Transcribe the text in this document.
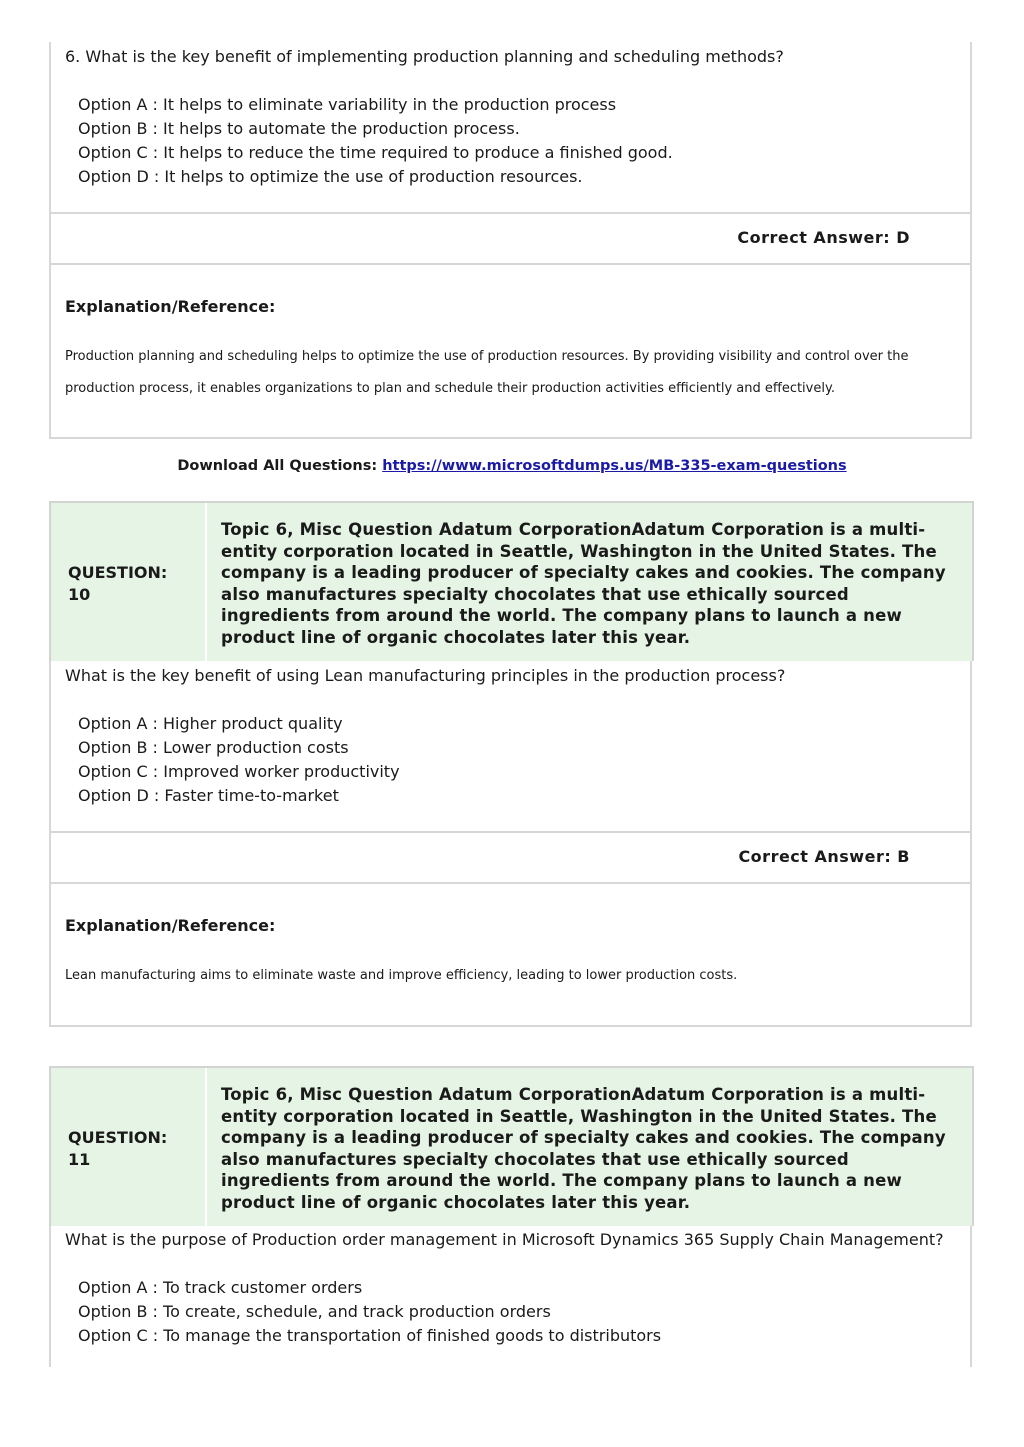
6. What is the key benefit of implementing production planning and scheduling methods?

Option A : It helps to eliminate variability in the production process
Option B : It helps to automate the production process.
Option C : It helps to reduce the time required to produce a finished good.
Option D : It helps to optimize the use of production resources.
Correct Answer: D
Explanation/Reference:

Production planning and scheduling helps to optimize the use of production resources. By providing visibility and control over the production process, it enables organizations to plan and schedule their production activities efficiently and effectively.

Download All Questions: https://www.microsoftdumps.us/MB-335-exam-questions
QUESTION:
10
Topic 6, Misc Question Adatum CorporationAdatum Corporation is a multi-entity corporation located in Seattle, Washington in the United States. The company is a leading producer of specialty cakes and cookies. The company also manufactures specialty chocolates that use ethically sourced ingredients from around the world. The company plans to launch a new product line of organic chocolates later this year.

What is the key benefit of using Lean manufacturing principles in the production process?

Option A : Higher product quality
Option B : Lower production costs
Option C : Improved worker productivity
Option D : Faster time-to-market
Correct Answer: B
Explanation/Reference:

Lean manufacturing aims to eliminate waste and improve efficiency, leading to lower production costs.

QUESTION:
11
Topic 6, Misc Question Adatum CorporationAdatum Corporation is a multi-entity corporation located in Seattle, Washington in the United States. The company is a leading producer of specialty cakes and cookies. The company also manufactures specialty chocolates that use ethically sourced ingredients from around the world. The company plans to launch a new product line of organic chocolates later this year.

What is the purpose of Production order management in Microsoft Dynamics 365 Supply Chain Management?

Option A : To track customer orders
Option B : To create, schedule, and track production orders
Option C : To manage the transportation of finished goods to distributors
